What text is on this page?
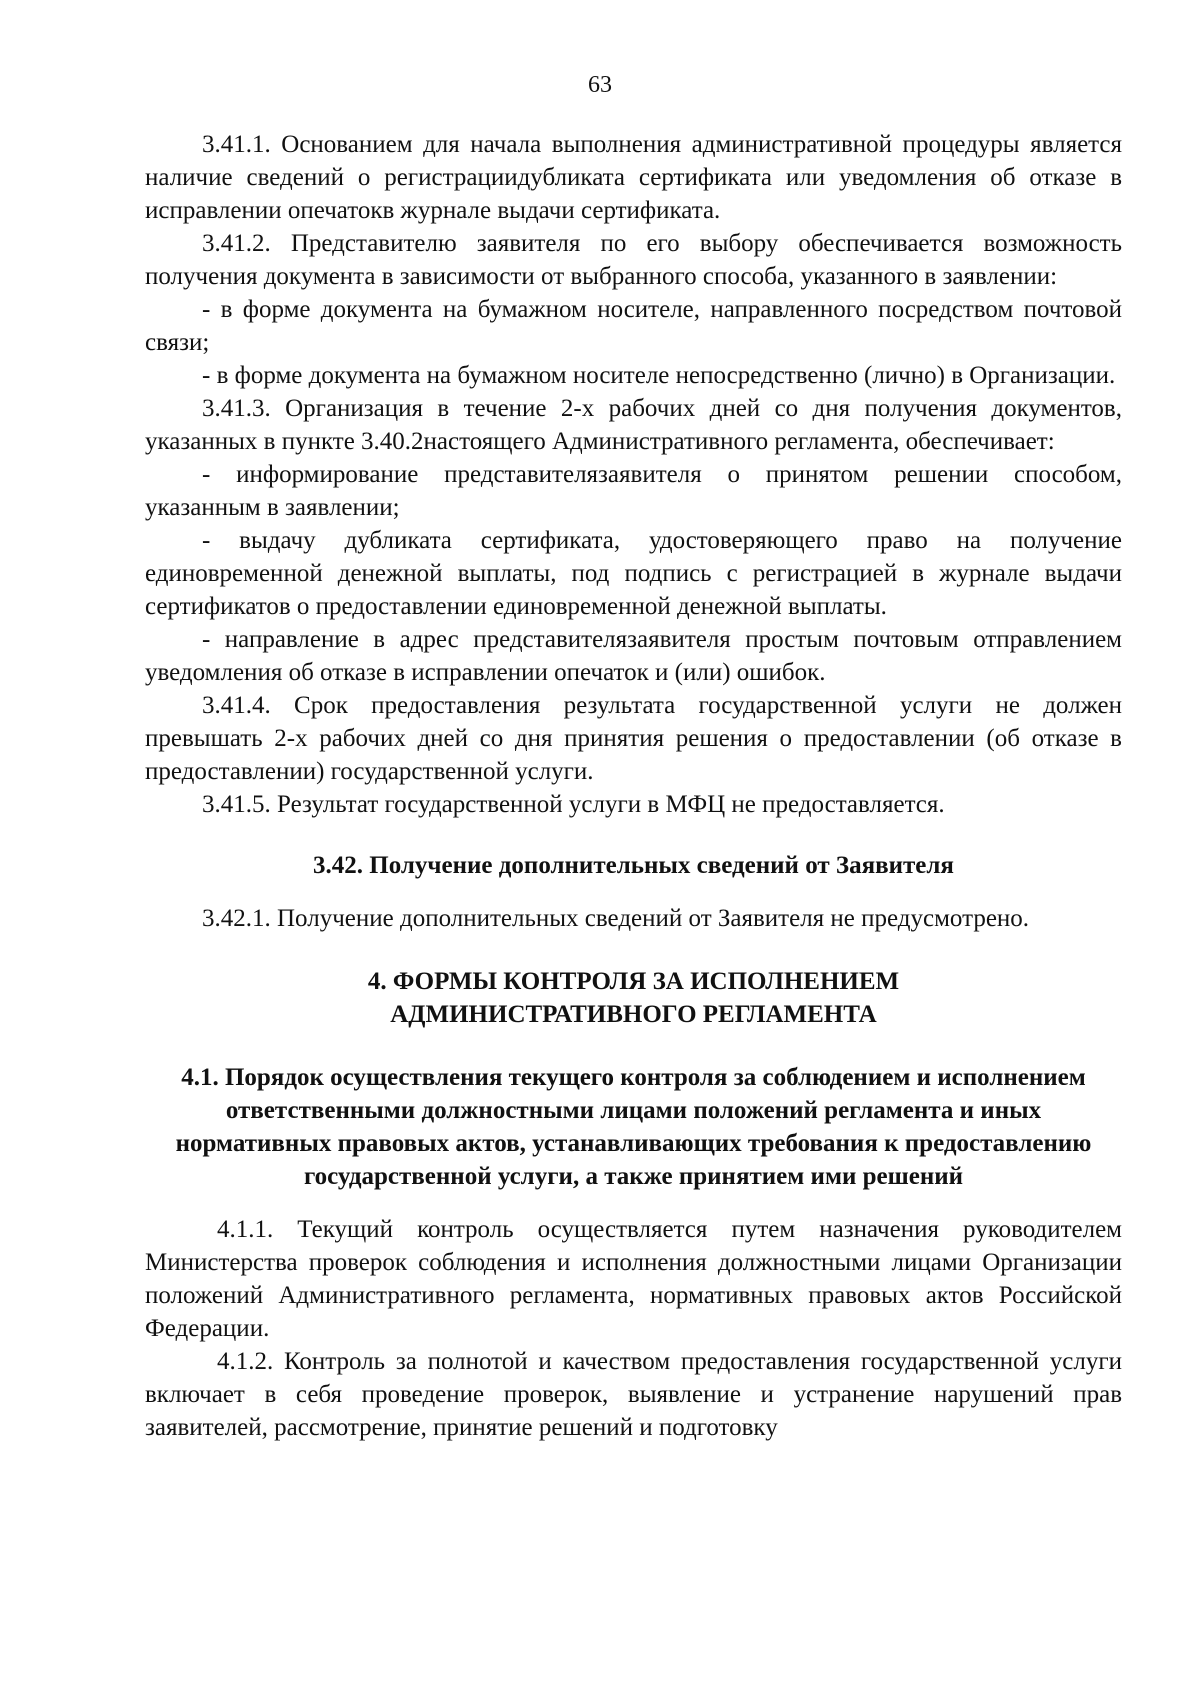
63

3.41.1. Основанием для начала выполнения административной процедуры является наличие сведений о регистрациидубликата сертификата или уведомления об отказе в исправлении опечатокв журнале выдачи сертификата.

3.41.2. Представителю заявителя по его выбору обеспечивается возможность получения документа в зависимости от выбранного способа, указанного в заявлении:

- в форме документа на бумажном носителе, направленного посредством почтовой связи;

- в форме документа на бумажном носителе непосредственно (лично) в Организации.

3.41.3. Организация в течение 2-х рабочих дней со дня получения документов, указанных в пункте 3.40.2настоящего Административного регламента, обеспечивает:

- информирование представителязаявителя о принятом решении способом, указанным в заявлении;

- выдачу дубликата сертификата, удостоверяющего право на получение единовременной денежной выплаты, под подпись с регистрацией в журнале выдачи сертификатов о предоставлении единовременной денежной выплаты.

- направление в адрес представителязаявителя простым почтовым отправлением уведомления об отказе в исправлении опечаток и (или) ошибок.

3.41.4. Срок предоставления результата государственной услуги не должен превышать 2-х рабочих дней со дня принятия решения о предоставлении (об отказе в предоставлении) государственной услуги.

3.41.5. Результат государственной услуги в МФЦ не предоставляется.

3.42. Получение дополнительных сведений от Заявителя

3.42.1. Получение дополнительных сведений от Заявителя не предусмотрено.

4. ФОРМЫ КОНТРОЛЯ ЗА ИСПОЛНЕНИЕМ
АДМИНИСТРАТИВНОГО РЕГЛАМЕНТА
4.1. Порядок осуществления текущего контроля за соблюдением и исполнением ответственными должностными лицами положений регламента и иных нормативных правовых актов, устанавливающих требования к предоставлению государственной услуги, а также принятием ими решений

4.1.1. Текущий контроль осуществляется путем назначения руководителем Министерства проверок соблюдения и исполнения должностными лицами Организации положений Административного регламента, нормативных правовых актов Российской Федерации.

4.1.2. Контроль за полнотой и качеством предоставления государственной услуги включает в себя проведение проверок, выявление и устранение нарушений прав заявителей, рассмотрение, принятие решений и подготовку
